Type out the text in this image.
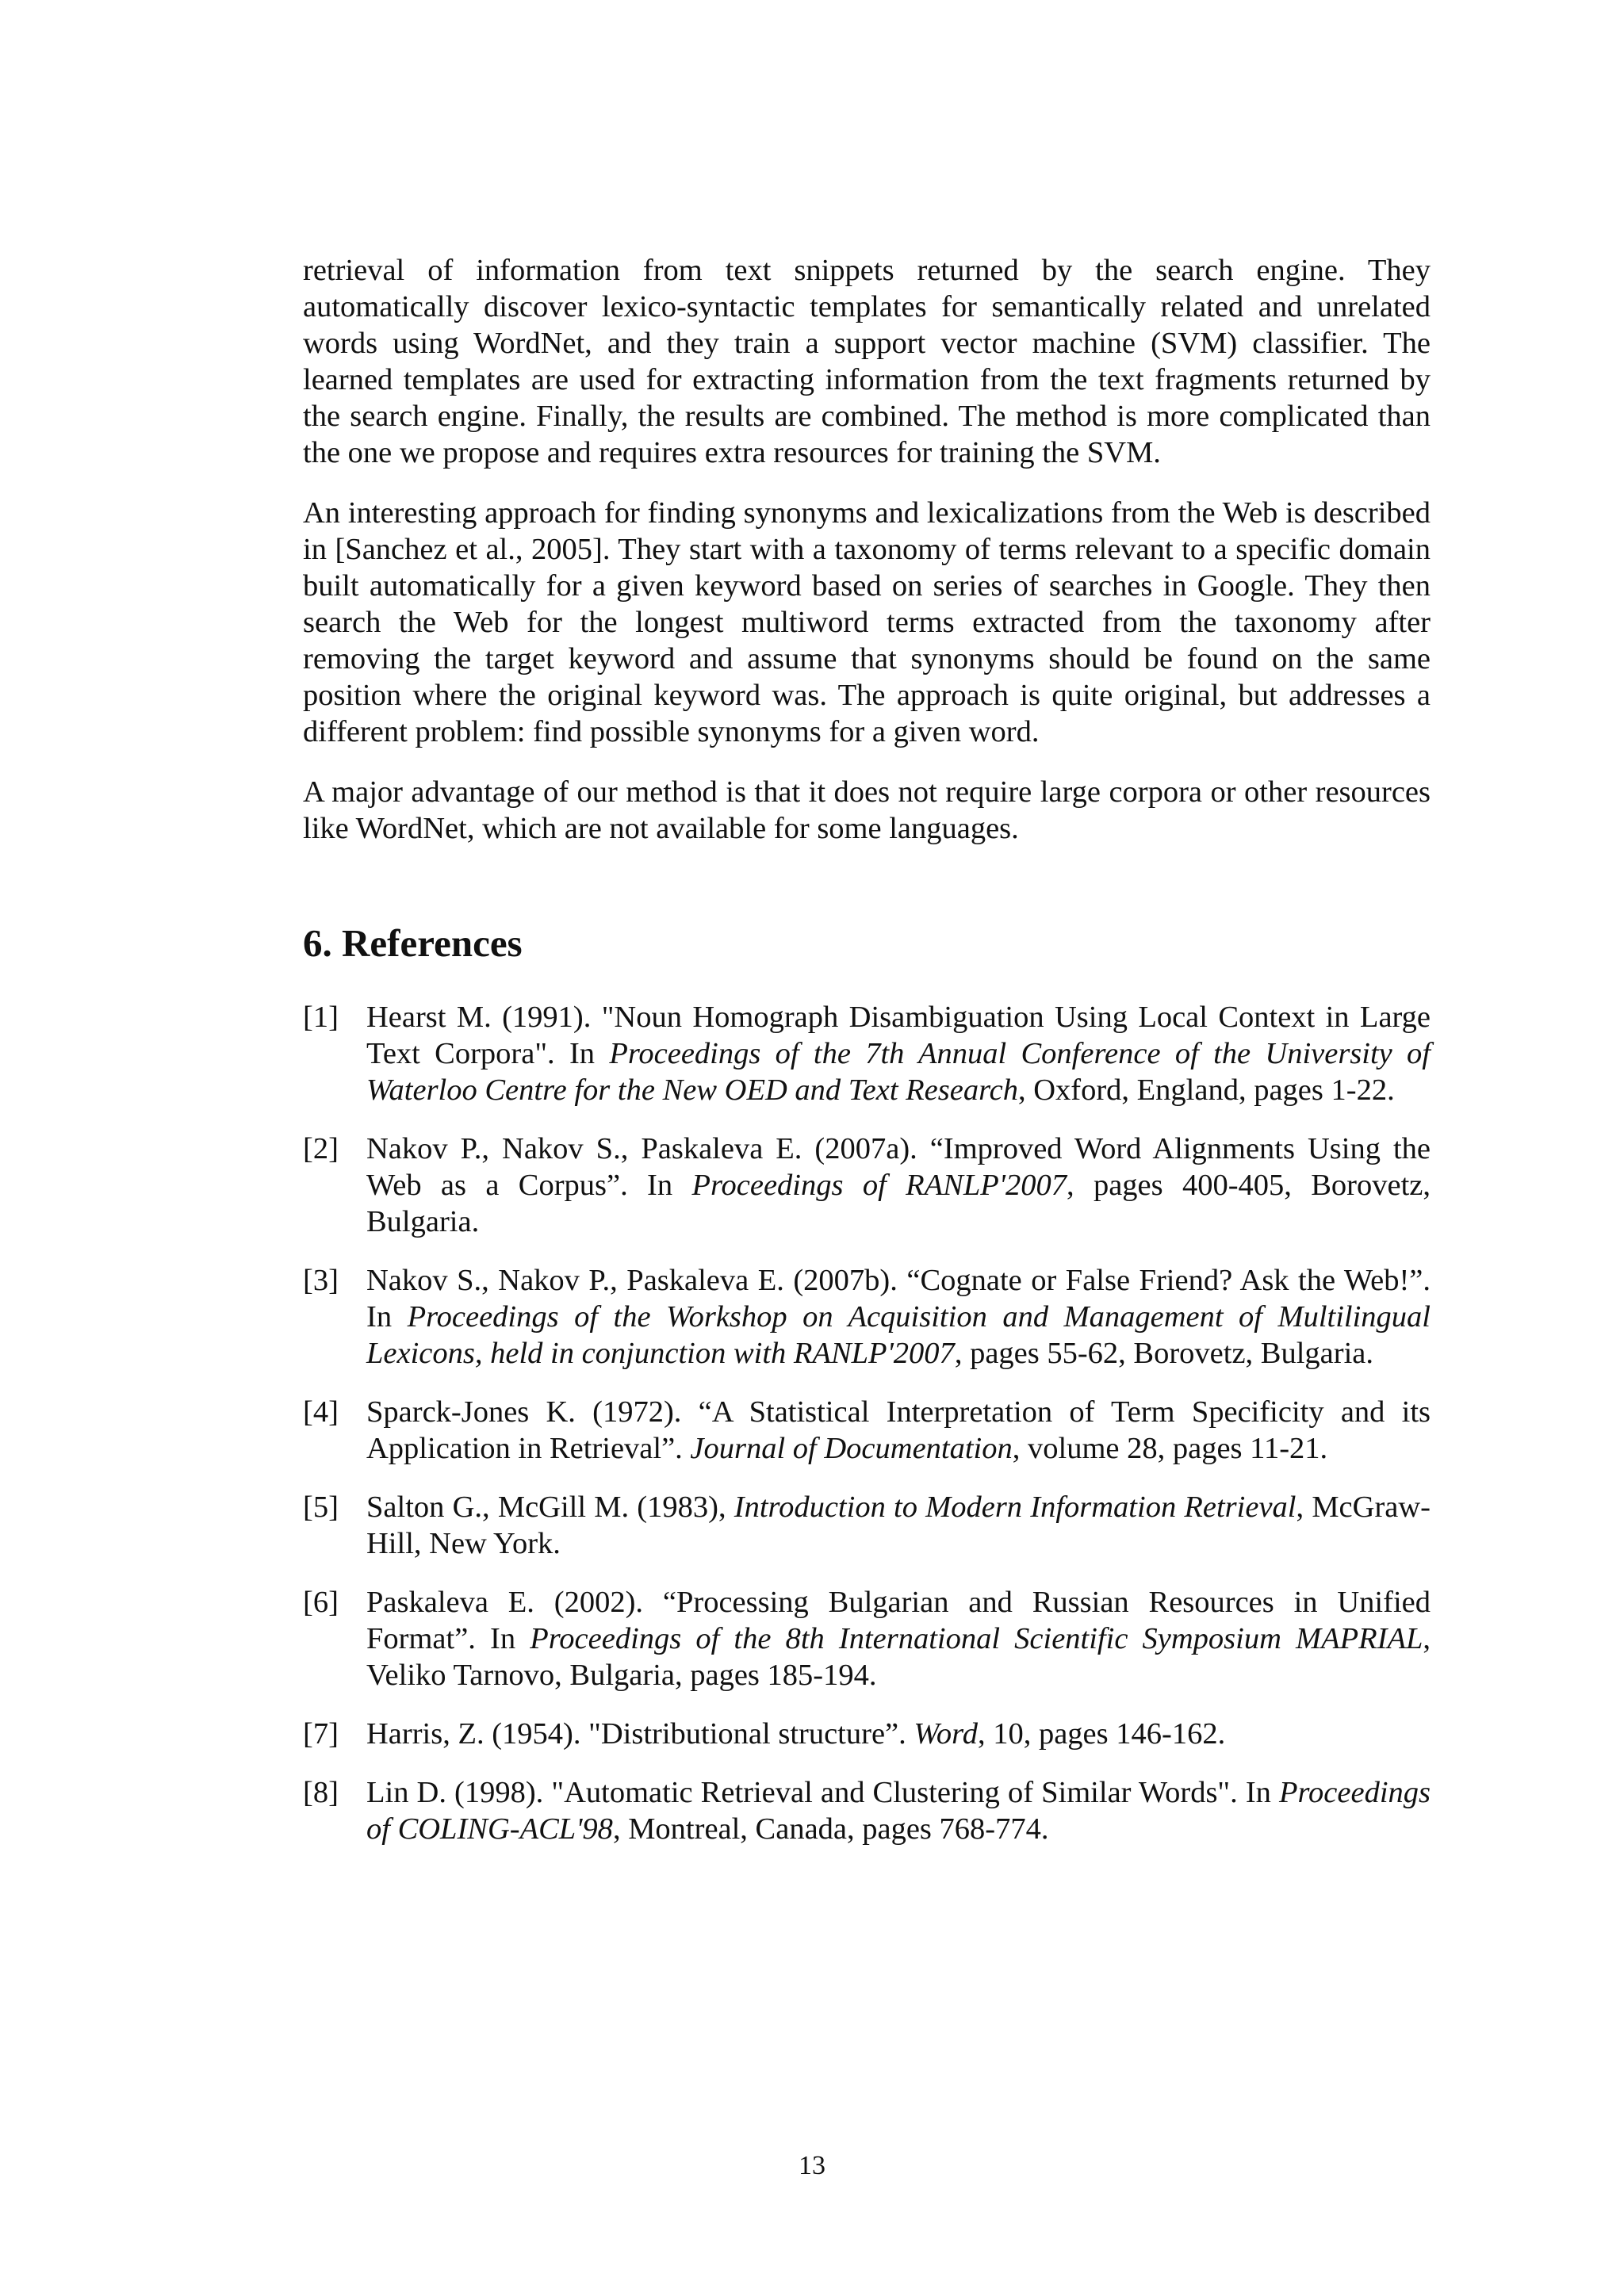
retrieval of information from text snippets returned by the search engine. They automatically discover lexico-syntactic templates for semantically related and unrelated words using WordNet, and they train a support vector machine (SVM) classifier. The learned templates are used for extracting information from the text fragments returned by the search engine. Finally, the results are combined. The method is more complicated than the one we propose and requires extra resources for training the SVM.

An interesting approach for finding synonyms and lexicalizations from the Web is described in [Sanchez et al., 2005]. They start with a taxonomy of terms relevant to a specific domain built automatically for a given keyword based on series of searches in Google. They then search the Web for the longest multiword terms extracted from the taxonomy after removing the target keyword and assume that synonyms should be found on the same position where the original keyword was. The approach is quite original, but addresses a different problem: find possible synonyms for a given word.

A major advantage of our method is that it does not require large corpora or other resources like WordNet, which are not available for some languages.

6. References
[1] Hearst M. (1991). "Noun Homograph Disambiguation Using Local Context in Large Text Corpora". In Proceedings of the 7th Annual Conference of the University of Waterloo Centre for the New OED and Text Research, Oxford, England, pages 1-22.
[2] Nakov P., Nakov S., Paskaleva E. (2007a). “Improved Word Alignments Using the Web as a Corpus”. In Proceedings of RANLP'2007, pages 400-405, Borovetz, Bulgaria.
[3] Nakov S., Nakov P., Paskaleva E. (2007b). “Cognate or False Friend? Ask the Web!”. In Proceedings of the Workshop on Acquisition and Management of Multilingual Lexicons, held in conjunction with RANLP'2007, pages 55-62, Borovetz, Bulgaria.
[4] Sparck-Jones K. (1972). “A Statistical Interpretation of Term Specificity and its Application in Retrieval”. Journal of Documentation, volume 28, pages 11-21.
[5] Salton G., McGill M. (1983), Introduction to Modern Information Retrieval, McGraw-Hill, New York.
[6] Paskaleva E. (2002). “Processing Bulgarian and Russian Resources in Unified Format”. In Proceedings of the 8th International Scientific Symposium MAPRIAL, Veliko Tarnovo, Bulgaria, pages 185-194.
[7] Harris, Z. (1954). "Distributional structure”. Word, 10, pages 146-162.
[8] Lin D. (1998). "Automatic Retrieval and Clustering of Similar Words". In Proceedings of COLING-ACL'98, Montreal, Canada, pages 768-774.
13
